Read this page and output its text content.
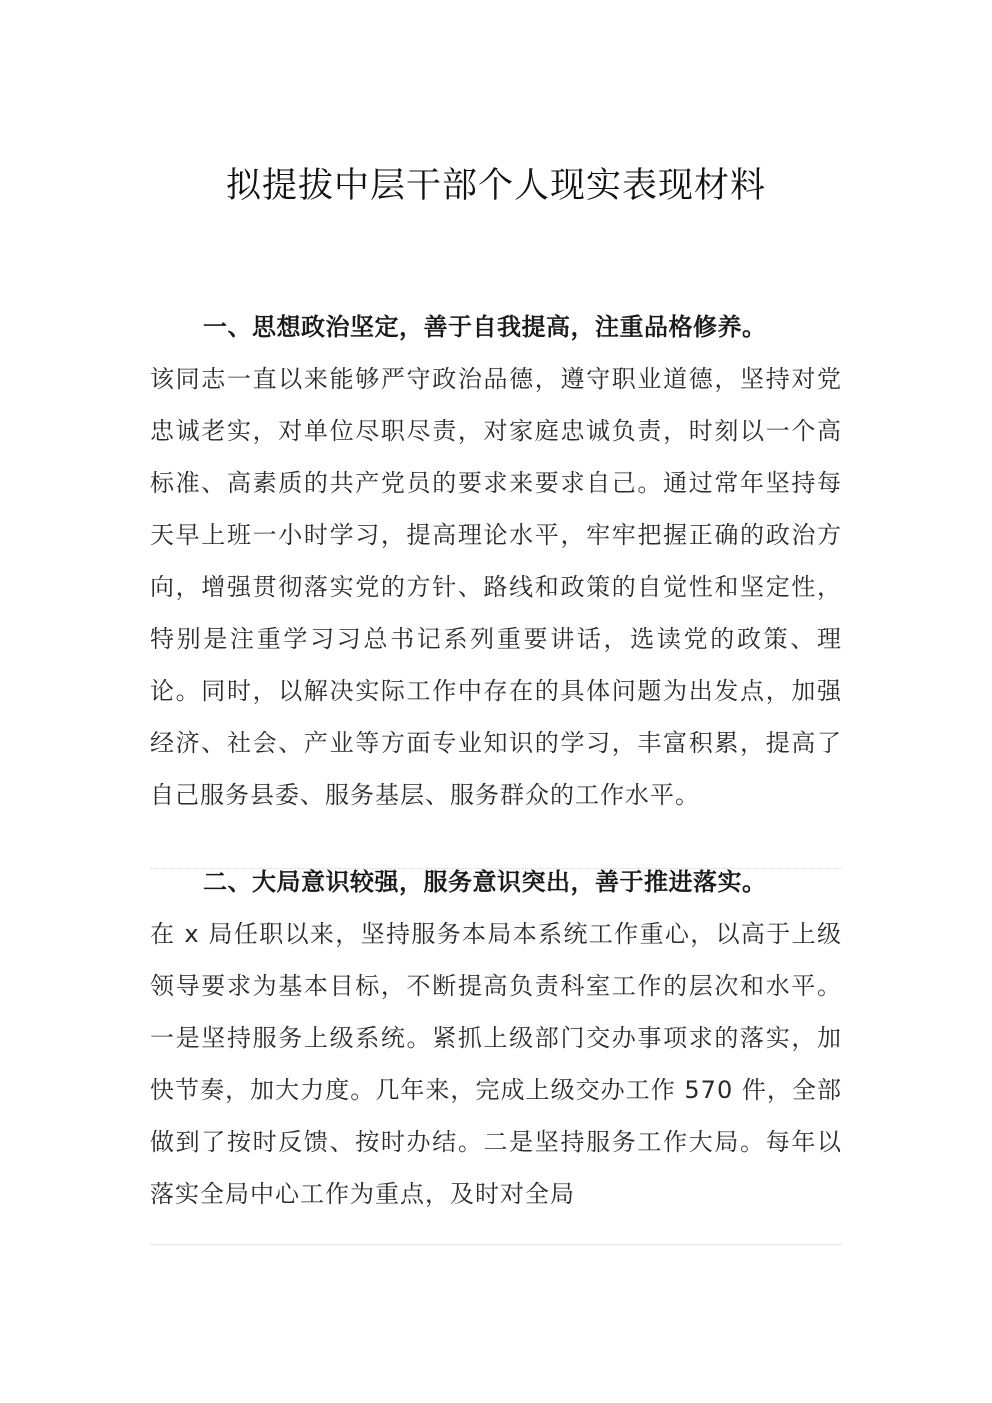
拟提拔中层干部个人现实表现材料

一、思想政治坚定，善于自我提高，注重品格修养。

该同志一直以来能够严守政治品德，遵守职业道德，坚持对党忠诚老实，对单位尽职尽责，对家庭忠诚负责，时刻以一个高标准、高素质的共产党员的要求来要求自己。通过常年坚持每天早上班一小时学习，提高理论水平，牢牢把握正确的政治方向，增强贯彻落实党的方针、路线和政策的自觉性和坚定性，特别是注重学习习总书记系列重要讲话，选读党的政策、理论。同时，以解决实际工作中存在的具体问题为出发点，加强经济、社会、产业等方面专业知识的学习，丰富积累，提高了自己服务县委、服务基层、服务群众的工作水平。

二、大局意识较强，服务意识突出，善于推进落实。

在 x 局任职以来，坚持服务本局本系统工作重心，以高于上级领导要求为基本目标，不断提高负责科室工作的层次和水平。一是坚持服务上级系统。紧抓上级部门交办事项求的落实，加快节奏，加大力度。几年来，完成上级交办工作 570 件，全部做到了按时反馈、按时办结。二是坚持服务工作大局。每年以落实全局中心工作为重点，及时对全局
